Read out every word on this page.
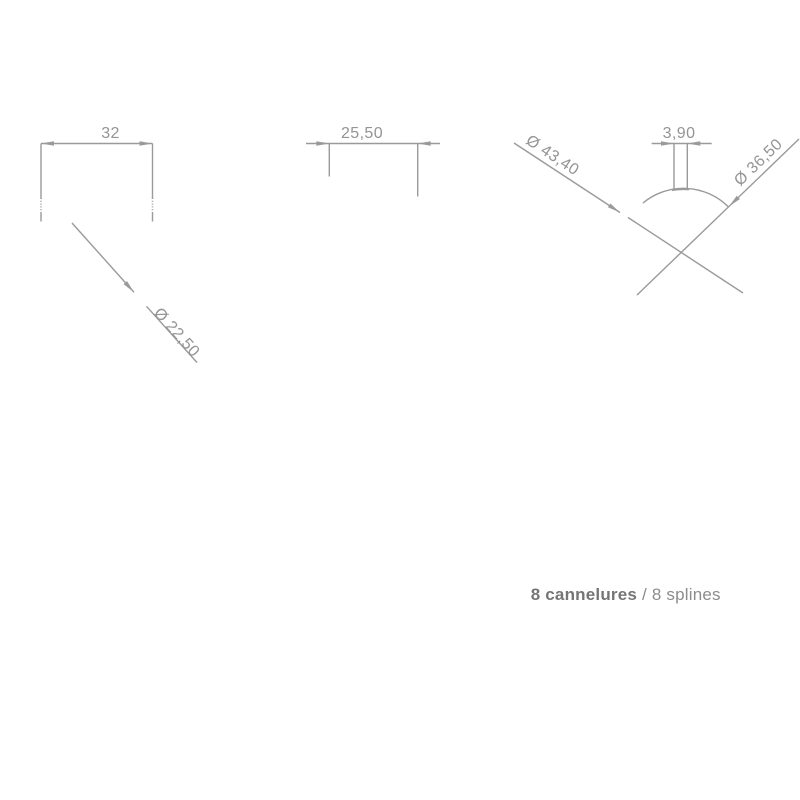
32	25,50	3,90
Ø 22,50
Ø 43,40	Ø 36,50

8 cannelures / 8 splines
